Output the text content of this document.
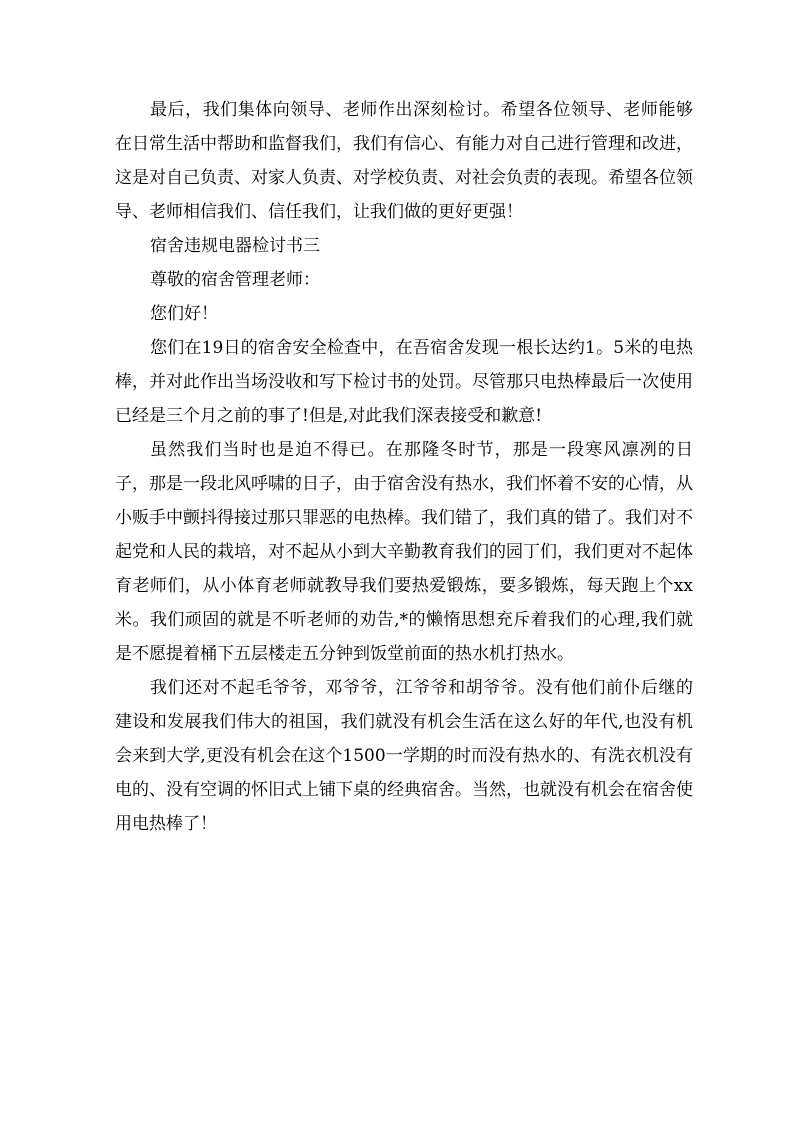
最后，我们集体向领导、老师作出深刻检讨。希望各位领导、老师能够在日常生活中帮助和监督我们，我们有信心、有能力对自己进行管理和改进，这是对自己负责、对家人负责、对学校负责、对社会负责的表现。希望各位领导、老师相信我们、信任我们，让我们做的更好更强！

宿舍违规电器检讨书三

尊敬的宿舍管理老师：

您们好！

您们在19日的宿舍安全检查中，在吾宿舍发现一根长达约1。5米的电热棒，并对此作出当场没收和写下检讨书的处罚。尽管那只电热棒最后一次使用已经是三个月之前的事了!但是,对此我们深表接受和歉意!

虽然我们当时也是迫不得已。在那隆冬时节，那是一段寒风凛冽的日子，那是一段北风呼啸的日子，由于宿舍没有热水，我们怀着不安的心情，从小贩手中颤抖得接过那只罪恶的电热棒。我们错了，我们真的错了。我们对不起党和人民的栽培，对不起从小到大辛勤教育我们的园丁们，我们更对不起体育老师们，从小体育老师就教导我们要热爱锻炼，要多锻炼，每天跑上个xx米。我们顽固的就是不听老师的劝告,*的懒惰思想充斥着我们的心理,我们就是不愿提着桶下五层楼走五分钟到饭堂前面的热水机打热水。

我们还对不起毛爷爷，邓爷爷，江爷爷和胡爷爷。没有他们前仆后继的建设和发展我们伟大的祖国，我们就没有机会生活在这么好的年代,也没有机会来到大学,更没有机会在这个1500一学期的时而没有热水的、有洗衣机没有电的、没有空调的怀旧式上铺下桌的经典宿舍。当然，也就没有机会在宿舍使用电热棒了！
